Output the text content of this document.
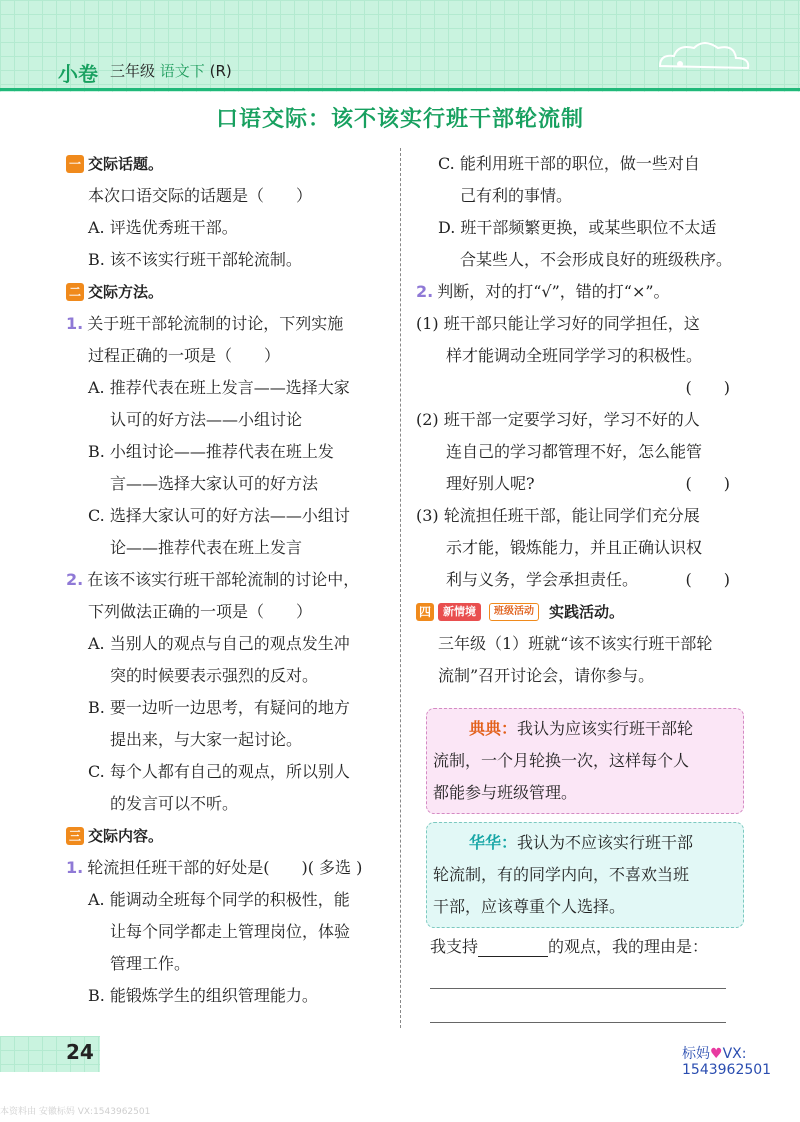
小卷 三年级 语文下 (R)
口语交际：该不该实行班干部轮流制
一 交际话题。
本次口语交际的话题是（　　）
A. 评选优秀班干部。
B. 该不该实行班干部轮流制。
二 交际方法。
1. 关于班干部轮流制的讨论，下列实施
过程正确的一项是（　　）
A. 推荐代表在班上发言——选择大家
认可的好方法——小组讨论
B. 小组讨论——推荐代表在班上发
言——选择大家认可的好方法
C. 选择大家认可的好方法——小组讨
论——推荐代表在班上发言
2. 在该不该实行班干部轮流制的讨论中，
下列做法正确的一项是（　　）
A. 当别人的观点与自己的观点发生冲
突的时候要表示强烈的反对。
B. 要一边听一边思考，有疑问的地方
提出来，与大家一起讨论。
C. 每个人都有自己的观点，所以别人
的发言可以不听。
三 交际内容。
1. 轮流担任班干部的好处是(　　)( 多选 )
A. 能调动全班每个同学的积极性，能
让每个同学都走上管理岗位，体验
管理工作。
B. 能锻炼学生的组织管理能力。
C. 能利用班干部的职位，做一些对自
己有利的事情。
D. 班干部频繁更换，或某些职位不太适
合某些人，不会形成良好的班级秩序。
2. 判断，对的打“√”，错的打“×”。
(1) 班干部只能让学习好的同学担任，这
样才能调动全班同学学习的积极性。
(　　)
(2) 班干部一定要学习好，学习不好的人
连自己的学习都管理不好，怎么能管
理好别人呢?	(　　)
(3) 轮流担任班干部，能让同学们充分展
示才能，锻炼能力，并且正确认识权
利与义务，学会承担责任。	(　　)
四	新情境	班级活动	实践活动。
三年级（1）班就“该不该实行班干部轮
流制”召开讨论会，请你参与。
典典：我认为应该实行班干部轮
流制，一个月轮换一次，这样每个人
都能参与班级管理。
华华：我认为不应该实行班干部
轮流制，有的同学内向，不喜欢当班
干部，应该尊重个人选择。
我支持	的观点，我的理由是：
24	标妈♥VX:
1543962501
本资料由 安徽标妈 VX:1543962501
